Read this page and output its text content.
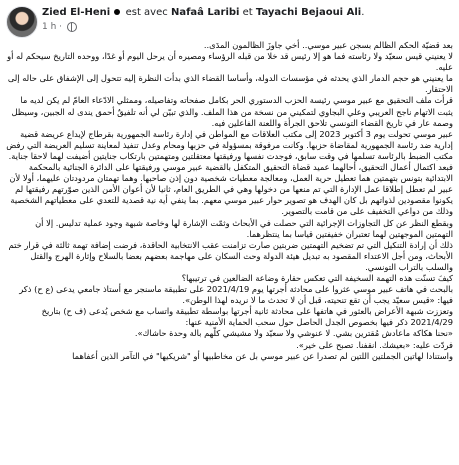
Zied El-Heni est avec Nafaâ Laribi et Tayachi Bejaoui Ali.
1 h ·

بعد قضيّة الحكم الظالم بسجن عبير موسي.. أخي جاوزَ الظالمون المدَى..

لا يعنيني قيس سعيّد ولا رئاسته فما هو إلا رئيس قد خلا من قبله الرؤساء ومصيره أن يرحل اليوم أو غدًا، ووحده التاريخ سيحكم له أو عليه.

ما يعنيني هو حجم الدمار الذي يحدثه في مؤسسات الدولة، وأساسا القضاء الذي بدأت النظرة إليه تتحول إلى الإشفاق على حاله إلى الاحتقار.

قرأت ملف التحقيق مع عبير موسي رئيسة الحزب الدستوري الحر بكامل صفحاته وتفاصيله، وممثلي الادّعاء العامّ لم يكن لديه ما يثبت الاتهام ناجح العريبي وعلي البجاوي لتمكيني من نسخة من هذا الملف. والذي تبيّن لي أنه تلفيقٌ أحمق يندى له الجبين، وسيظل وصمة عار في تاريخ القضاء التونسي تلاحق الجرأة واللعنة الفاعلين فيه.

عبير موسي تحولت يوم 3 أكتوبر 2023 إلى مكتب العلاقات مع المواطن في إدارة رئاسة الجمهورية بقرطاج لإيداع عريضة قضية إدارية ضد رئاسة الجمهورية لمقاضاة حزبها. وكانت مرفوقة بمسؤولة في حزبها ومحام وعدل تنفيذ لمعاينة تسليم العريضة التي رفض مكتب الضبط بالرئاسة تسلمها في وقت سابق، فوجدت نفسها ورفيقتها معتقلتين ومتهمتين بارتكاب جنايتين أضيفت لهما لاحقا جناية.

فبعد اكتمال أعمال التحقيق، أحالهما عميد قضاة التحقيق المتكفل بالقضية عبير موسي ورفيقتها على الدائرة الجنائية بالمحكمة الابتدائية بتونس بتهمتين هما تعطيل حرية العمل، ومعالجة معطيات شخصية دون إذن صاحبها. وهما تهمتان مردودتان عليهما، أولا لأن عبير لم تعطل إطلاقا عمل الإدارة التي تم منعها من دخولها وهي في الطريق العام، ثانيا لأن أعوان الأمن الذين صوّرتهم رفيقتها لم يكونوا مقصودين لذواتهم بل كان الهدف هو تصوير حوار عبير موسي معهم. بما ينفي أية نية قصدية للتعدي على معطياتهم الشخصية وذلك من دواعي التخفيف على من قامت بالتصوير.

وبقطع النظر عن كل التجاوزات الإجرائية التي حصلت في الأبحاث وثمّت الإشارة لها وخاصة شبهة وجود عملية تدليس. إلا أن التهمتين الموجهتين لهما تعتبران خفيفتين قياسا بما ينتظرهما.

ذلك أن إرادة التنكيل التي تم تضخيم التهمتين ضربتين صارت تزامنت عقب الانتخابية الحاقدة، فرضت إضافة تهمة ثالثة في قرار ختم الأبحاث، ومن أجل الاعتداء المقصود به تبديل هيئة الدولة وحث السكان على مهاجمة بعضهم بعضا بالسلاح وإثارة الهرج والقتل والسلب بالتراب التونسي.

كيفَ تسنّت هذه التهمة السخيفة التي تعكس حقارة وضاعة الضالعين في ترتيبها؟

بالبحث في هاتف عبير موسي عثروا على محادثة أجرتها يوم 2021/4/19 على تطبيقة ماسنجر مع أستاذ جامعي يدعى (ع ح) ذكر فيها: «قيس سعيّد يجب أن تقع تنحيته، قبل أن لا تحدث ما لا نريده لهذا الوطن».

وتعززت شبهة الأعراض بالعثور في هاتفها على محادثة ثانية أجرتها بواسطة تطبيقة واتساب مع شخص يُدعى (ف ح) بتاريخ 2021/4/29 ذكر فيها بخصوص الجدل الحاصل حول سحب الحماية الأمنية عنها:

«نحنا هكاكة ماعادش مُقترين بشي. لا عنوشي ولا سعيّد ولا مشيشي كلّهم بالة وحدة حاشاك».

فردّت عليه: «بعيشك. انقفنا. تصبح على خير».

واستنادا لهاتين الجملتين اللتين لم تصدرا عن عبير موسي بل عن مخاطبيها أو "شريكيها" في التآمر الذين أعفاهما
